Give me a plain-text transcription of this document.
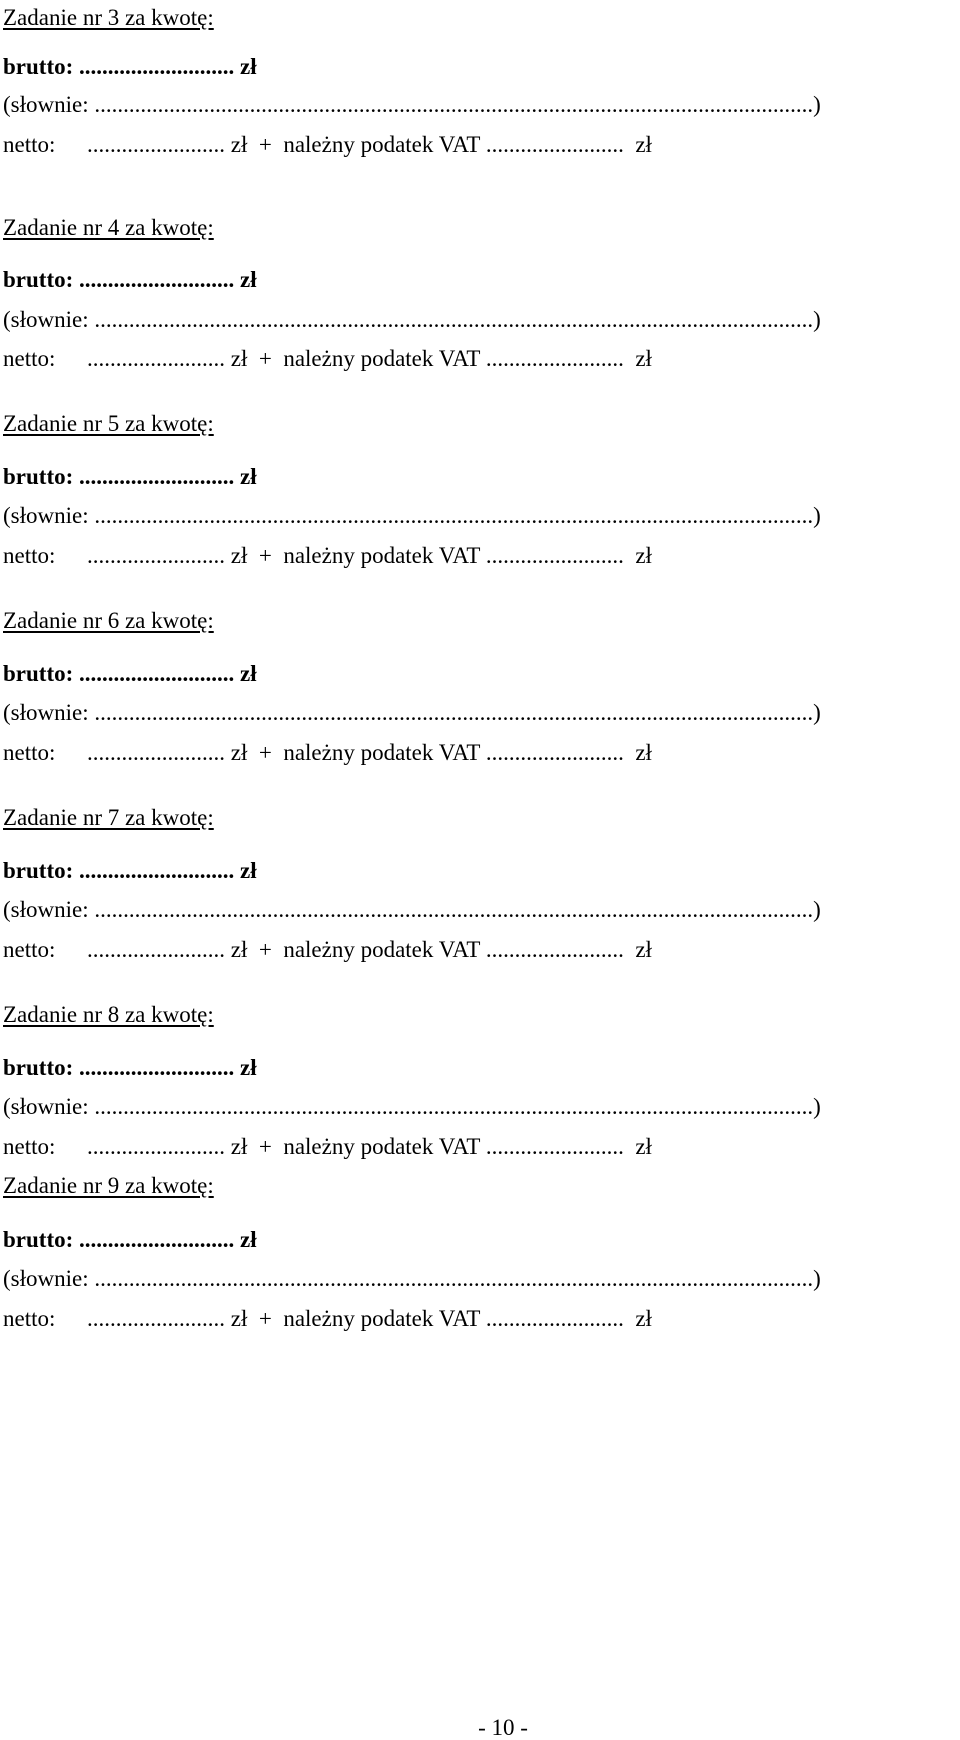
Zadanie nr 3 za kwotę:
brutto: ........................... zł
(słownie: .............................................................................................................................)
netto: ........................ zł  +  należny podatek VAT ........................  zł
Zadanie nr 4 za kwotę:
brutto: ........................... zł
(słownie: .............................................................................................................................)
netto: ........................ zł  +  należny podatek VAT ........................  zł
Zadanie nr 5 za kwotę:
brutto: ........................... zł
(słownie: .............................................................................................................................)
netto: ........................ zł  +  należny podatek VAT ........................  zł
Zadanie nr 6 za kwotę:
brutto: ........................... zł
(słownie: .............................................................................................................................)
netto: ........................ zł  +  należny podatek VAT ........................  zł
Zadanie nr 7 za kwotę:
brutto: ........................... zł
(słownie: .............................................................................................................................)
netto: ........................ zł  +  należny podatek VAT ........................  zł
Zadanie nr 8 za kwotę:
brutto: ........................... zł
(słownie: .............................................................................................................................)
netto: ........................ zł  +  należny podatek VAT ........................  zł
Zadanie nr 9 za kwotę:
brutto: ........................... zł
(słownie: .............................................................................................................................)
netto: ........................ zł  +  należny podatek VAT ........................  zł
- 10 -
